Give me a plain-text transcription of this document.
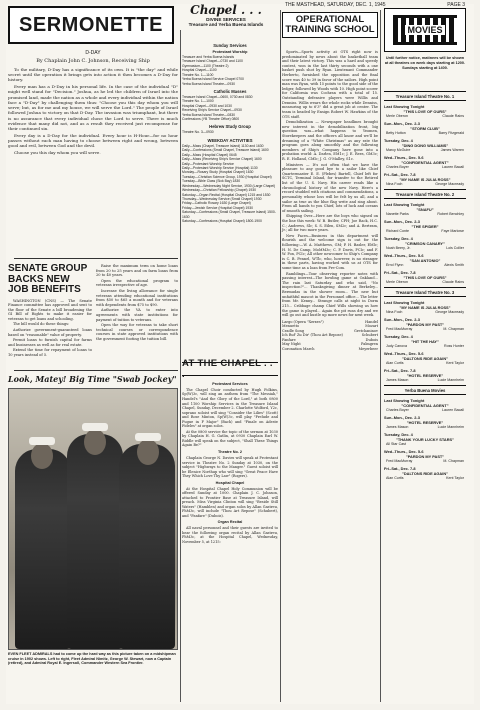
THE MASTHEAD, SATURDAY, DEC. 1, 1945	PAGE 3
SERMONETTE
D-DAY
By Chaplain John C. Johnson, Receiving Ship

To the military, D-Day has a significance of its own. It is "the day" and while secret until the operation it brings gets into action it then becomes a D-Day for history.

Every man has a D-Day in his personal life. In the case of the individual "D" might well stand for "Decision." Joshua, as he led the children of Israel into the promised land, made the nation as a whole and every individual within the nation face a "D-Day" by challenging them thus: "Choose you this day whom you will serve; but, as for me and my house, we will serve the Lord." The people of Israel followed Joshua to victory on that D-Day. The invasion was triumphant, but there is no assurance that every individual chose the Lord to serve. There is much evidence that many did not, and as a result they received just recompense for their continued sin.

Every day is a D-Day for the individual. Every hour is H-Hour—for no hour passes without each man having to choose between right and wrong, between good and evil, between God and the devil.

Choose you this day whom you will serve.

SENATE GROUP BACKS NEW JOB BENEFITS

WASHINGTON (CNS) — The Senate Finance committee has approved and sent to the floor of the Senate a bill broadening the GI Bill of Rights to make it easier for veterans to get loans and schooling.

The bill would do these things:

Authorize government-guaranteed loans based on "reasonable" value of property.

Permit loans to furnish capital for farms and businesses as well as for real estate.

Extend the time for repayment of loans to 10 years instead of 5.

Raise the maximum term on home loans from 20 to 25 years and on farm loans from 20 to 40 years.

Open the educational program to veterans irrespective of age.

Increase the living allowance for single veterans attending educational institutions from $50 to $65 a month and for veterans with dependents from $75 to $90.

Authorize the VA to enter into agreements with state institutions for payment of tuition to veterans.

Open the way for veterans to take short technical courses or correspondence courses in state approved institutions with the government footing the tuition bill.

Look, Matey! Big Time "Swab Jockey"
EVEN FLEET ADMIRALS had to come up the hard way as this picture taken on a midshipman cruise in 1902 shows. Left to right, Fleet Admiral Nimitz, George W. Stewart, now a Captain (retired), and Admiral Royal E. Ingersoll, Commander Western Sea Frontier.
Chapel . . .
DIVINE SERVICES
Treasure and Yerba Buena Islands
Sunday Services
Protestant Worship
Treasure and Yerba Buena Islands
Treasure Island Chapel—0730 and 1100
Gymnasium—1100 (Theatre 2)
Hospital Chapel—1100
Theatre No. 1—1100
Yerba Buena Island Service Chapel 0700
Yerba Buena Island Theatre—0930
Catholic Masses
Treasure Island Chapel—0600, 0730 and 0830
Theatre No. 1—1000
Hospital Chapel—0930 and 1030
Receiving Ship's Service Chapel—0930
Yerba Buena Island Theatre—0830
Confessions (YB Theatre Office) 0800
Hebrew Study Group
Theatre No. 3—0930
WEEKDAY ACTIVITIES
Daily—Mass (Chapel, Treasure Island) 1130 and 1630
Daily—Confessions (Small Chapel, Treasure Island) 1600
Daily—Mass (Hospital Chapel) 0645
Daily—Mass (Receiving Ship's Service Chapel) 1600
Daily—Protestant Worship Service
Daily—Protestant Worship Service (Hospital) 1130
Monday—Rosary Study (Hospital Chapel) 1630
Tuesday—Christian Science Group, 1930 (Hospital Chapel)
Tuesday—Bible Class (Sick Bay) 1830
Wednesday—Wednesday Night Service, 1930 (Large Chapel)
Wednesday—Christian Fellowship (Chapel) 1930
Saturday—Organ Recital (Hospital Chapel) 1215 and 1530
Thursday—Wednesday Service (Small Chapel) 1930
Friday—Catholic Rosary 1630 (Large Chapel)
Friday—Jewish Service (Hospital Chapel) 1930
Saturday—Confessions (Small Chapel, Treasure Island) 1500-1630
Saturday—Confessions (Hospital Chapel) 1800-1900
AT THE CHAPEL . . .
Protestant Services

The Chapel Choir conducted by Hugh Folkins, Sp(W)3c, will sing an anthem from "The Messiah," Handel's "And the Glory of the Lord," at both 0800 and 1100 Worship Services in the Treasure Island Chapel, Sunday, December 2. Charlotte Wolford, Y2c, soprano soloist will sing "Consider the Lilies" (Scott) and Rose Minton, Sp(W)3c, will play "Prelude and Fugue in F Major" (Bach) and "Finale on Adeste Fideles" at organ solos.

At the 0800 service the topic of the sermon at 1030 by Chaplain H. G. Gatlin, at 0930 Chaplain Earl W. Riddle will speak on the subject, "Shall These Things Again Be?"

Theatre No. 2

Chaplain George N. Davies will speak at Protestant service in Theatre No. 2 Sunday at 1030, on the subject "Highways to the Manger." Guest soloist will be Elenice Northup who will sing "Great Peace Have They Which Love Thy Law" (Rogers).

Hospital Chapel

At the Hospital Chapel Holy Communion will be offered Sunday at 1000. Chaplain J. C. Johnson, attached to Frontier Base at Treasure Island, will preach. Miss Virginia Clinton will sing "Beside Still Waters" (Hamblen) and organ solos by Allan Gastreu, PhM3c, will include "Thou Art Repose" (Schubert), and "Fanfare" (Dubois).

Organ Recital

All naval personnel and their guests are invited to hear the following organ recital by Allan Gastreu, PhM3c, at the Hospital Chapel, Wednesday, November 5, at 1215:

OPERATIONAL
TRAINING SCHOOL

Sports—Sports activity at OTS right now is predominated by news about the basketball team and their latest victory. This was a hard and speedy contest, won in the last thirty seconds with a one basket push shot by Ryan. Lieutenant Commander Herberto, furnished the opposition and the final score was 40 to 39 in favor of the sailors. High point man was Ryan, with 15 points to the good side of the ledger, followed by Woods with 10. High point scorer for California was Cochran with a total of 15. Outstanding defensive players were Willis and Denniss. Willis wears the whole rocks while Denniss, measuring up to 6'3" did a great job at center. The team is headed by Ensign Robert W. Hawkins of the OTS staff.

Demobilization — Newspaper headlines brought new interest in the demobilization front, big question was—what happens to Yeomen, Storekeepers and the officers all know and we'll be dreaming of a "White Christmas" as any rate the program goes along smoothly and the following members of Ship's Company have gone into a probation world: A. Darlen, EM1c; J. E. Rees, GM3c; R. E. Holland, CMlc; J. G. O'Malley, S1c.

Ministers — It's not often that we have the pleasure to any good bye to a sailor like Chief Quartermaster E. E. (Plebes) Bartell, Chief left for SCTC, Terminal Island, for transfer to the Retired list of the U. S. Navy. His career reads like a chronological history of the new Navy. Here's a record studded with citations and commendations, a personality whose loss will be felt by us all, and a sailor as true as the blue flag write and sing about. From all hands to you Chief, lots of luck and oceans of smooth sailing.

Shipping Over—Here are the boys who signed on the line this week: W. B. Butler, CPH; Joe Rack, H.C. C.; Andrews, Slc; S. S. Eilen, SM2c; and A. Bertram, Jr.; all for two more years.

New Faces—Business in this department will flourish and the welcome sign is out for the following:—W. A. Matthews, GM; P. H. Basler, EMlc; H. N. De Camp, MoMM3c; C. P. Davis, PCIc; and F. W. Fox, PCIc; All other newcomer to Ship's Company is C. B. Fennel, WTlc, who, however, is no stranger in these parts, having worked with us at OTS for some time as a loan from Pre-Com.

Ramblings—Tour observing reporter notes with passing interest—The bowling game at Oakland... The rain last Saturday and who said, "No inspection?"... Thanksgiving dinner at Berkeley... Bermudas in the shower room... The new but unfaithful mascot in the Personnel office... The letter from Mr. Kenny... Strange calls at night in Dorm 215... Cribbage champ Chief Wills showing us how the game is played... Again the pit runs dry and we will go out and hustle up more news for next week.

Largo (Opera "Xerxes")	Handel
Menuetto	Mozart
Cradle Song	Gretchaninov
Ich Ruf' Zu Dir' (Thou Art Repose)	Schubert
Fanfare	Dubois
May Night	Palmgren
Coronation March	Meyerbeer
MOVIES
Until further notice, matinees will be shown at all theatres on week days starting at 1200. Sundays starting at 1400.
Treasure Island Theatre No. 1
Last Showing Tonight
"THIS LOVE OF OURS"
Merle Oberon	Claude Rains
Sun.-Mon., Dec. 2-3
"STORM CLUB"
Betty Hutton	Barry Fitzgerald
Tuesday, Dec. 4
"DING DONG WILLIAMS"
Marcy McGuire	James Warren
Wed.-Thurs., Dec. 5-6
"CONFIDENTIAL AGENT"
Charles Boyer	Lauren Bacall
Fri.-Sat., Dec. 7-8
"MY NAME IS JULIA ROSS"
Nina Foch	George Macready
Treasure Island Theatre No. 2
Last Showing Tonight
"SNAFU"
Nanette Parks	Robert Benchley
Sun.-Mon., Dec. 2-3
"THE SPIDER"
Richard Conte	Faye Marlowe
Tuesday, Dec. 4
"CRIMSON CANARY"
Noah Beery, Jr.	Lois Collier
Wed.-Thurs., Dec. 5-6
"SAN ANTONIO"
Errol Flynn	Alexis Smith
Fri.-Sat., Dec. 7-8
"THIS LOVE OF OURS"
Merle Oberon	Claude Rains
Treasure Island Theatre No. 3
Last Showing Tonight
"MY NAME IS JULIA ROSS"
Nina Foch	George Macready
Sun.-Mon., Dec. 2-3
"PARDON MY PAST"
Fred MacMurray	M. Chapman
Tuesday, Dec. 4
"HIT THE HAY"
Judy Canova	Ross Hunter
Wed.-Thurs., Dec. 5-6
"DALTONS RIDE AGAIN"
Alan Curtis	Kent Taylor
Fri.-Sat., Dec. 7-8
"HOTEL RESERVE"
James Mason	Lucie Mannheim
Yerba Buena Movies
Last Showing Tonight
"CONFIDENTIAL AGENT"
Charles Boyer	Lauren Bacall
Sun.-Mon., Dec. 2-3
"HOTEL RESERVE"
James Mason	Lucie Mannheim
Tuesday, Dec. 4
"THANK YOUR LUCKY STARS"
All Star Cast
Wed.-Thurs., Dec. 5-6
"PARDON MY PAST"
Fred MacMurray	M. Chapman
Fri.-Sat., Dec. 7-8
"DALTONS RIDE AGAIN"
Alan Curtis	Kent Taylor
